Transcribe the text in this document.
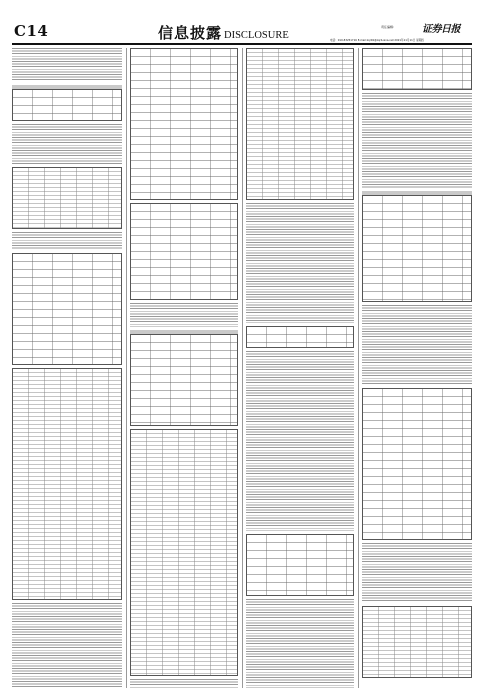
C14	信息披露 DISCLOSURE
责任编辑：	证券日报
电话：010-83251716 E-mail:zqrb9@zqrb.sina.net 2021年11月11日 星期四
